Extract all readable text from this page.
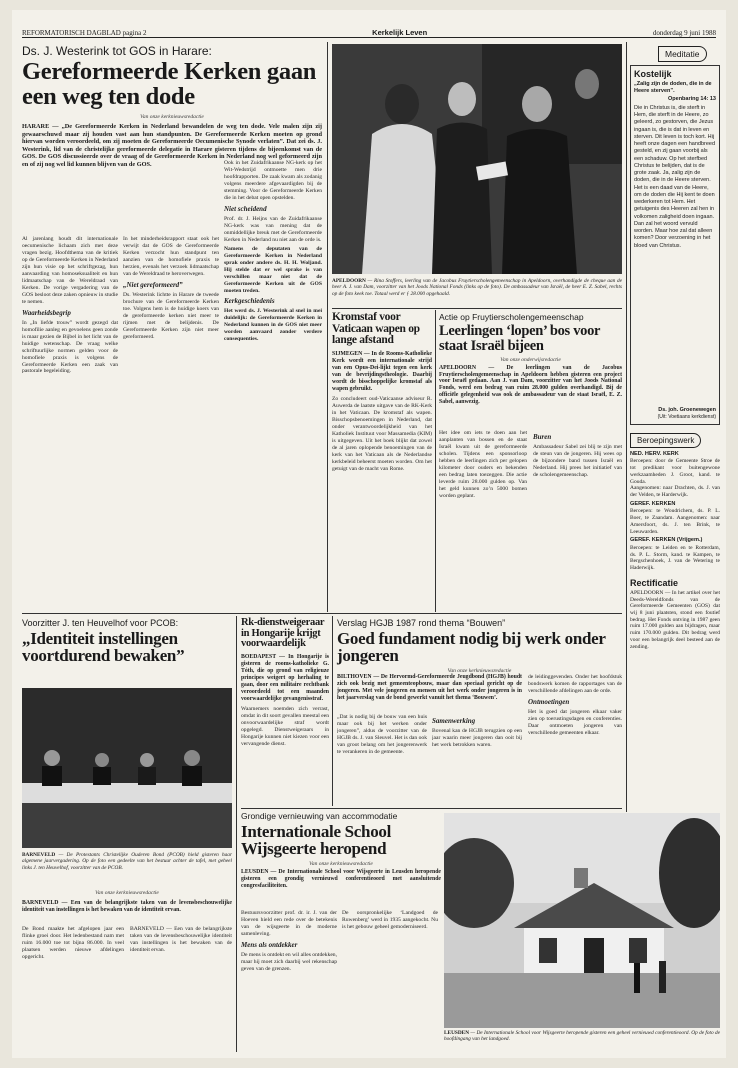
REFORMATORISCH DAGBLAD pagina 2	Kerkelijk Leven	donderdag 9 juni 1988
Ds. J. Westerink tot GOS in Harare:
Gereformeerde Kerken gaan een weg ten dode
Van onze kerknieuwsredactie
HARARE — „De Gereformeerde Kerken in Nederland bewandelen de weg ten dode. Vele malen zijn zij gewaarschuwd maar zij houden vast aan hun standpunten. De Gereformeerde Kerken moeten op grond hiervan worden veroordeeld, om zij moeten de Gereformeerde Oecumenische Synode verlaten”. Dat zei ds. J. Westerink, lid van de christelijke gereformeerde delegatie in Harare gisteren tijdens de bijeenkomst van de GOS. De GOS discussieerde over de vraag of de Gereformeerde Kerken in Nederland nog wel geformeerd zijn en of zij nog wel lid kunnen blijven van de GOS.

Al jarenlang houdt dit internationale oecumenische lichaam zich met deze vragen bezig. Hoofdthema van de kritiek op de Gereformeerde Kerken in Nederland zijn hun visie op het schriftgezag, hun aanvaarding van homoseksualiteit en hun lidmaatschap van de Wereldraad van Kerken. De vorige vergadering van de GOS besloot deze zaken opnieuw in studie te nemen.

Waarheidsbegrip

In „In liefde trouw” wordt gezegd dat homofilie aanleg en gevoelens geen zonde is maar gezien de Bijbel in het licht van de huidige wetenschap. De vraag welke schriftuurlijke normen gelden voor de homofiele praxis is volgens de Gereformeerde Kerken een zaak van pastorale begeleiding.

In het minderheidsrapport staat ook het verwijt dat de GOS de Gereformeerde Kerken verzocht hun standpunt ten aanzien van de homofiele praxis te herzien, evenals het verzoek lidmaatschap van de Wereldraad te heroverwegen.

„Niet gereformeerd”

Ds. Westerink lichtte in Harare de tweede brochure van de Gereformeerde Kerken toe. Volgens hem is de huidige koers van de gereformeerde kerken niet meer te rijmen met de belijdenis. De Gereformeerde Kerken zijn niet meer gereformeerd.

Ook in het Zuidafrikaanse NG-kerk op het Wit-Wedstrijd ontmoette men drie hoofdrapporten. De zaak kwam als zodanig volgens meerdere afgevaardigden bij de stemming. Voor de Gereformeerde Kerken die in het debat open opstelden.

Niet scheidend

Prof. dr. J. Heijns van de Zuidafrikaanse NG-kerk was van mening dat de onmiddellijke breuk met de Gereformeerde Kerken in Nederland nu niet aan de orde is.

Namens de deputaten van de Gereformeerde Kerken in Nederland sprak onder andere ds. H. H. Woljand. Hij stelde dat er wel sprake is van verschillen maar niet dat de Gereformeerde Kerken uit de GOS moeten treden.

Kerkgeschiedenis

Het werd ds. J. Westerink al snel in mei duidelijk: de Gereformeerde Kerken in Nederland kunnen in de GOS niet meer worden aanvaard zonder verdere consequenties.

APELDOORN — Rina Stoffers, leerling van de Jacobus Fruytierscholengemeenschap in Apeldoorn, overhandigde de cheque aan de heer A. J. van Dam, voorzitter van het Joods National Fonds (links op de foto). De ambassadeur van Israël, de heer E. Z. Sabel, rechts op de foto keek toe. Totaal werd er ƒ 28.000 opgehaald.
Kromstaf voor Vaticaan wapen op lange afstand
SIJMEGEN — In de Rooms-Katholieke Kerk wordt een internationale strijd van een Opus-Dei-lijkt tegen een kerk van de bevrijdingstheologie. Daarbij wordt de bisschoppelijke kromstaf als wapen gebruikt.
Zo concludeert oud-Vaticaanse adviseur R. Auwerda de laatste uitgave van de RK-Kerk in het Vaticaan. De kromstaf als wapen. Bisschopsbenoemingen in Nederland, dat onder verantwoordelijkheid van het Katholiek Instituut voor Massamedia (KIM) is uitgegeven. Uit het boek blijkt dat zowel de al jaren oplopende benoemingen van de kerk van het Vaticaan als de Nederlandse kerkbeleid beheerst moeten worden. Om het getuigt van de macht van Rome.
Actie op Fruytierscholengemeenschap
Leerlingen ‘lopen’ bos voor staat Israël bijeen
Van onze onderwijsredactie
APELDOORN — De leerlingen van de Jacobus Fruytierscholengemeenschap in Apeldoorn hebben gisteren een project voor Israël gedaan. Aan J. van Dam, voorzitter van het Joods National Fonds, werd een bedrag van ruim 28.000 gulden overhandigd. Bij de officiële gelegenheid was ook de ambassadeur van de staat Israël, E. Z. Sabel, aanwezig.

Het idee om iets te doen aan het aanplanten van bossen en de staat Israël kwam uit de gereformeerde scholen. Tijdens een sponsorloop hebben de leerlingen zich per gelopen kilometer door ouders en bekenden een bedrag laten toezeggen. Die actie leverde ruim 28.000 gulden op. Van het geld kunnen zo’n 5000 bomen worden geplant.

Buren

Ambassadeur Sabel zei blij te zijn met de steun van de jongeren. Hij wees op de bijzondere band tussen Israël en Nederland. Hij prees het initiatief van de scholengemeenschap.

Voorzitter J. ten Heuvelhof voor PCOB:
„Identiteit instellingen voortdurend bewaken”
BARNEVELD — De Protestants Christelijke Ouderen Bond (PCOB) hield gisteren haar algemene jaarvergadering. Op de foto een gedeelte van het bestuur achter de tafel, met geheel links J. ten Heuvelhof, voorzitter van de PCOB.
Van onze kerknieuwsredactie
BARNEVELD — Een van de belangrijkste taken van de levensbeschouwelijke identiteit van instellingen is het bewaken van de identiteit ervan.

De Bond maakte het afgelopen jaar een flinke groei door. Het ledenbestand nam met ruim 16.000 toe tot bijna 86.000. In veel plaatsen werden nieuwe afdelingen opgericht.

BARNEVELD — Een van de belangrijkste taken van de levensbeschouwelijke identiteit van instellingen is het bewaken van de identiteit ervan.

Rk-dienstweigeraar in Hongarije krijgt voorwaardelijk
BOEDAPEST — In Hongarije is gisteren de rooms-katholieke G. Tóth, die op grond van religieuze principes weigert op herhaling te gaan, door een militaire rechtbank veroordeeld tot een maanden voorwaardelijke gevangenisstraf.
Waarnemers noemden zich verrast, omdat in dit soort gevallen meestal een onvoorwaardelijke straf wordt opgelegd. Dienstweigeraars in Hongarije kunnen niet kiezen voor een vervangende dienst.
Verslag HGJB 1987 rond thema “Bouwen”
Goed fundament nodig bij werk onder jongeren
Van onze kerknieuwsredactie
BILTHOVEN — De Hervormd-Gereformeerde Jeugdbond (HGJB) houdt zich ook bezig met gemeenteopbouw, maar dan speciaal gericht op de jongeren. Met vele jongeren en mensen uit het werk onder jongeren is in het jaarverslag van de bond gewerkt vanuit het thema ‘Bouwen’.

„Dat is nodig bij de bouw van een huis maar ook bij het werken onder jongeren”, aldus de voorzitter van de HGJB ds. J. van Sleuvel. Het is dan ook van groot belang om het jongerenwerk te verankeren in de gemeente.

Samenwerking

Bovenal kan de HGJB terugzien op een jaar waarin meer jongeren dan ooit bij het werk betrokken waren.

de leidinggevenden. Onder het hoofdstuk bondswerk komen de rapportages van de verschillende afdelingen aan de orde.

Ontmoetingen

Het is goed dat jongeren elkaar vaker zien op toerustingsdagen en conferenties. Daar ontmoeten jongeren van verschillende gemeenten elkaar.

Grondige vernieuwing van accommodatie
Internationale School Wijsgeerte heropend
Van onze kerknieuwsredactie
LEUSDEN — De Internationale School voor Wijsgeerte in Leusden heropende gisteren een grondig vernieuwd conferentieoord met aansluitende congresfaciliteiten.

Bestuursvoorzitter prof. dr. ir. J. van der Hoeven hield een rede over de betekenis van de wijsgeerte in de moderne samenleving.

Mens als ontdekker

De mens is ontdekt en wil alles ontdekken, maar hij moet zich daarbij wel rekenschap geven van de grenzen.

De oorspronkelijke ‘Landgoed de Ruwenberg’ werd in 1935 aangekocht. Nu is het gebouw geheel gemoderniseerd.

LEUSDEN — De Internationale School voor Wijsgeerte heropende gisteren een geheel vernieuwd conferentieoord. Op de foto de hoofdingang van het landgoed.
Meditatie
Kostelijk
„Zalig zijn de doden, die in de Heere sterven”.
Openbaring 14: 13
Die in Christus is, die sterft in Hem, die sterft in de Heere, zo geleerd, zo gestorven, die Jezus ingaan is, die is dat in leven en sterven. Dit leven is toch kort. Hij heeft onze dagen een handbreed gesteld, en zij gaan voorbij als een schaduw. Op het sterfbed Christus te belijden, dat is de grote zaak. Ja, zalig zijn de doden, die in de Heere sterven. Het is een daad van de Heere, om de doden die Hij kent te doen wederkeren tot Hem. Het getuigenis des Heeren zal hen in volkomen zaligheid doen ingaan. Dan zal het woord vervuld worden. Maar hoe zal dat alleen komen? Door verzoening in het bloed van Christus.
Ds. joh. Groenewegen
(Uit: Voetiaans kerkdienst)
Beroepingswerk
NED. HERV. KERK
Beroepen: door de Gemeente Stroe de tot predikant voor buitengewone werkzaamheden J. Groot, kand. te Gouda.
Aangenomen: naar Drachten, ds. J. van der Velden, te Harderwijk.
GEREF. KERKEN
Beroepen: te Woudrichem, ds. P. L. Boer, te Zaandam. Aangenomen: naar Amersfoort, ds. J. ten Brink, te Leeuwarden.
GEREF. KERKEN (Vrijgem.)
Beroepen: te Leiden en te Rotterdam, ds. P. L. Storm, kand. te Kampen, te Bergschenhoek, J. van de Wetering te Haderwijk.
Rectificatie
APELDOORN — In het artikel over het Deeds-Wereldfonds van de Gereformeerde Gemeenten (GOS) dat wij 8 juni plaatsten, stond een foutief bedrag. Het Fonds ontving in 1987 geen ruim 17.000 gulden aan bijdragen, maar ruim 170.000 gulden. Dit bedrag werd voor een belangrijk deel besteed aan de zending.
